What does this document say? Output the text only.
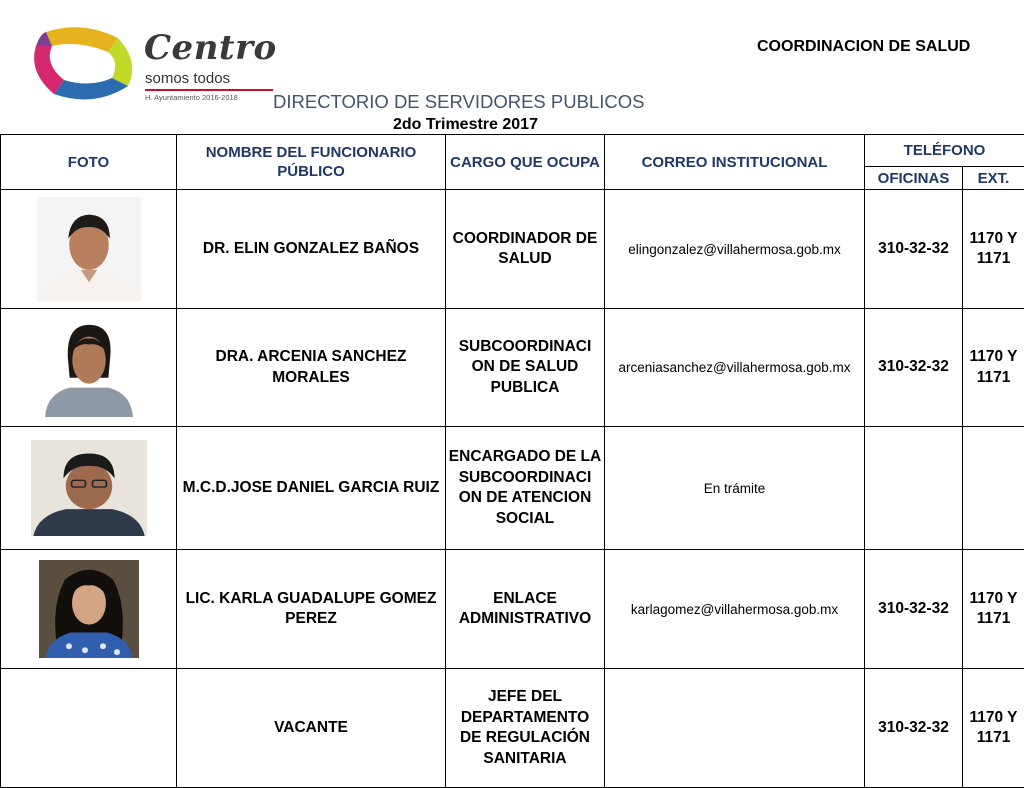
Centro
somos todos
H. Ayuntamiento 2016-2018
COORDINACION DE SALUD
DIRECTORIO DE SERVIDORES PUBLICOS
2do Trimestre 2017
FOTO	NOMBRE DEL FUNCIONARIO PÚBLICO	CARGO QUE OCUPA	CORREO INSTITUCIONAL	TELÉFONO	
				OFICINAS	EXT.

	DR. ELIN GONZALEZ BAÑOS	COORDINADOR DE SALUD	elingonzalez@villahermosa.gob.mx	310-32-32	1170 Y 1171

	DRA. ARCENIA SANCHEZ MORALES	SUBCOORDINACI ON DE SALUD PUBLICA	arceniasanchez@villahermosa.gob.mx	310-32-32	1170 Y 1171

	M.C.D.JOSE DANIEL GARCIA RUIZ	ENCARGADO DE LA SUBCOORDINACI ON DE ATENCION SOCIAL	En trámite		

	LIC. KARLA GUADALUPE GOMEZ PEREZ	ENLACE ADMINISTRATIVO	karlagomez@villahermosa.gob.mx	310-32-32	1170 Y 1171
	VACANTE	JEFE DEL DEPARTAMENTO DE REGULACIÓN SANITARIA		310-32-32	1170 Y 1171
